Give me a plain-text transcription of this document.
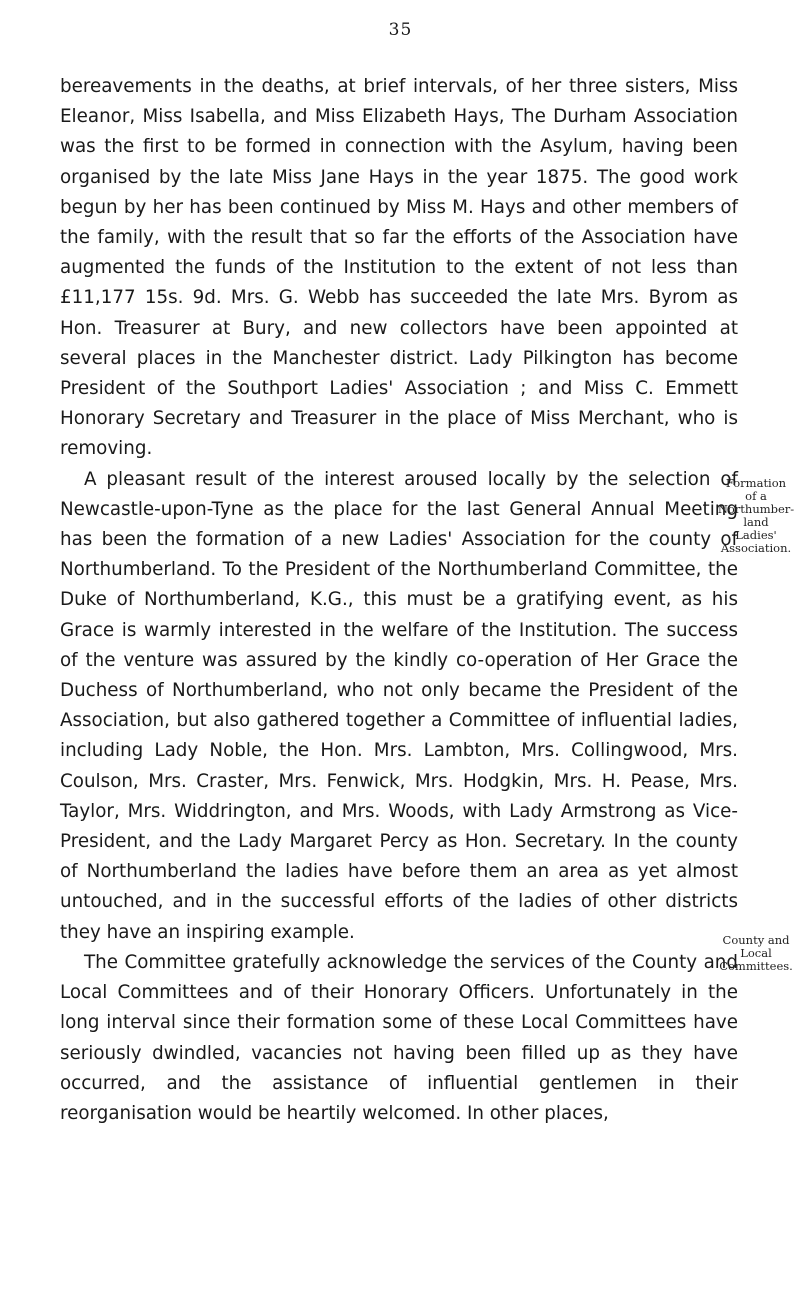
35

bereavements in the deaths, at brief intervals, of her three sisters, Miss Eleanor, Miss Isabella, and Miss Elizabeth Hays, The Durham Association was the first to be formed in connection with the Asylum, having been organised by the late Miss Jane Hays in the year 1875. The good work begun by her has been continued by Miss M. Hays and other members of the family, with the result that so far the efforts of the Association have augmented the funds of the Institution to the extent of not less than £11,177 15s. 9d. Mrs. G. Webb has succeeded the late Mrs. Byrom as Hon. Treasurer at Bury, and new collectors have been appointed at several places in the Manchester district. Lady Pilkington has become President of the Southport Ladies' Association ; and Miss C. Emmett Honorary Secretary and Treasurer in the place of Miss Merchant, who is removing.

A pleasant result of the interest aroused locally by the selection of Newcastle-upon-Tyne as the place for the last General Annual Meeting has been the formation of a new Ladies' Association for the county of Northumberland. To the President of the Northumberland Committee, the Duke of Northumberland, K.G., this must be a gratifying event, as his Grace is warmly interested in the welfare of the Institution. The success of the venture was assured by the kindly co-operation of Her Grace the Duchess of Northumberland, who not only became the President of the Association, but also gathered together a Committee of influential ladies, including Lady Noble, the Hon. Mrs. Lambton, Mrs. Collingwood, Mrs. Coulson, Mrs. Craster, Mrs. Fenwick, Mrs. Hodgkin, Mrs. H. Pease, Mrs. Taylor, Mrs. Widdrington, and Mrs. Woods, with Lady Armstrong as Vice-President, and the Lady Margaret Percy as Hon. Secretary. In the county of Northumberland the ladies have before them an area as yet almost untouched, and in the successful efforts of the ladies of other districts they have an inspiring example.

The Committee gratefully acknowledge the services of the County and Local Committees and of their Honorary Officers. Unfortunately in the long interval since their formation some of these Local Committees have seriously dwindled, vacancies not having been filled up as they have occurred, and the assistance of influential gentlemen in their reorganisation would be heartily welcomed. In other places,

Formation
of a
Northumber-
land
Ladies'
Association.
County and
Local
Committees.
